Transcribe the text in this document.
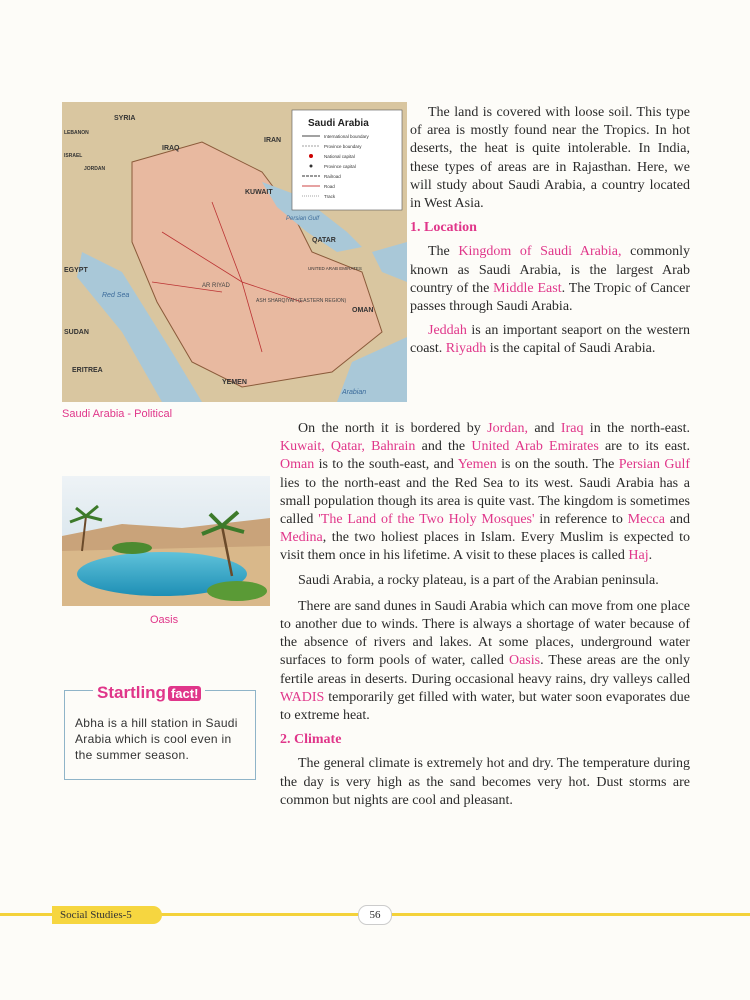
Saudi Arabia
International boundary
Province boundary
National capital
Province capital
Railroad
Road
Track
SYRIA
IRAQ
IRAN
EGYPT
SUDAN
ERITREA
YEMEN
OMAN
KUWAIT
QATAR
LEBANON
ISRAEL
JORDAN
UNITED ARAB EMIRATES
Red Sea
Persian Gulf
AR RIYAD
ASH SHARQIYAH (EASTERN REGION)
Arabian
Saudi Arabia - Political
Oasis
Startling fact!
Abha is a hill station in Saudi Arabia which is cool even in the summer season.

The land is covered with loose soil. This type of area is mostly found near the Tropics. In hot deserts, the heat is quite intolerable. In India, these types of areas are in Rajasthan. Here, we will study about Saudi Arabia, a country located in West Asia.

1. Location

The Kingdom of Saudi Arabia, commonly known as Saudi Arabia, is the largest Arab country of the Middle East. The Tropic of Cancer passes through Saudi Arabia.

Jeddah is an important seaport on the western coast. Riyadh is the capital of Saudi Arabia.

On the north it is bordered by Jordan, and Iraq in the north-east. Kuwait, Qatar, Bahrain and the United Arab Emirates are to its east. Oman is to the south-east, and Yemen is on the south. The Persian Gulf lies to the north-east and the Red Sea to its west. Saudi Arabia has a small population though its area is quite vast. The kingdom is sometimes called 'The Land of the Two Holy Mosques' in reference to Mecca and Medina, the two holiest places in Islam. Every Muslim is expected to visit them once in his lifetime. A visit to these places is called Haj.

Saudi Arabia, a rocky plateau, is a part of the Arabian peninsula.

There are sand dunes in Saudi Arabia which can move from one place to another due to winds. There is always a shortage of water because of the absence of rivers and lakes. At some places, underground water surfaces to form pools of water, called Oasis. These areas are the only fertile areas in deserts. During occasional heavy rains, dry valleys called WADIS temporarily get filled with water, but water soon evaporates due to extreme heat.

2. Climate

The general climate is extremely hot and dry. The temperature during the day is very high as the sand becomes very hot. Dust storms are common but nights are cool and pleasant.

Social Studies-5	56
